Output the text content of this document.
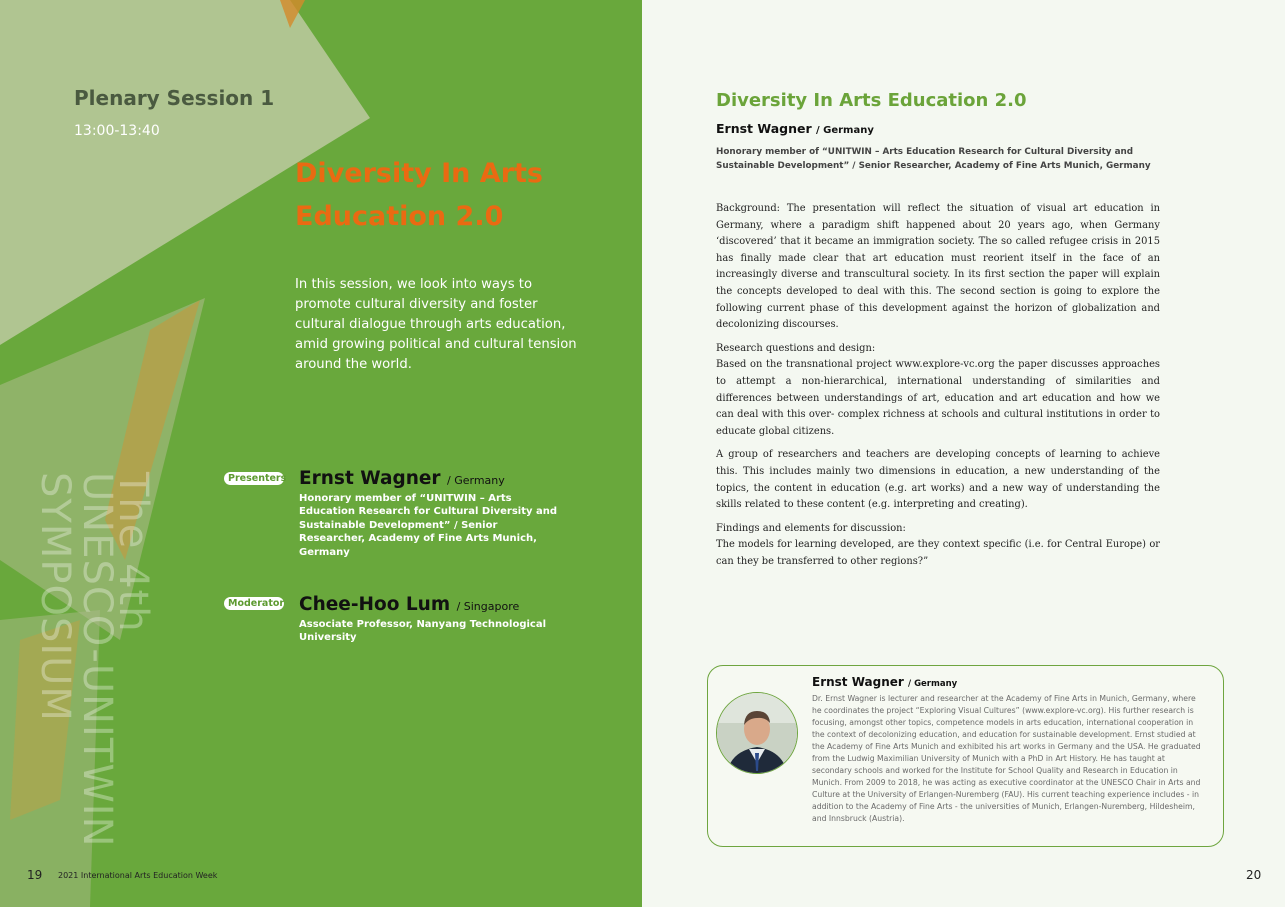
Plenary Session 1
13:00-13:40
Diversity In Arts
Education 2.0
In this session, we look into ways to promote cultural diversity and foster cultural dialogue through arts education, amid growing political and cultural tension around the world.
The 4th
UNESCO-UNITWIN
SYMPOSIUM	Presenters Ernst Wagner / Germany
Honorary member of “UNITWIN – Arts Education Research for Cultural Diversity and Sustainable Development” / Senior Researcher, Academy of Fine Arts Munich, Germany
Moderator Chee-Hoo Lum / Singapore
Associate Professor, Nanyang Technological University
19 2021 International Arts Education Week
Diversity In Arts Education 2.0
Ernst Wagner / Germany
Honorary member of “UNITWIN – Arts Education Research for Cultural Diversity and Sustainable Development” / Senior Researcher, Academy of Fine Arts Munich, Germany

Background: The presentation will reflect the situation of visual art education in Germany, where a paradigm shift happened about 20 years ago, when Germany ‘discovered’ that it became an immigration society. The so called refugee crisis in 2015 has finally made clear that art education must reorient itself in the face of an increasingly diverse and transcultural society. In its first section the paper will explain the concepts developed to deal with this. The second section is going to explore the following current phase of this development against the horizon of globalization and decolonizing discourses.

Research questions and design:

Based on the transnational project www.explore-vc.org the paper discusses approaches to attempt a non-hierarchical, international understanding of similarities and differences between understandings of art, education and art education and how we can deal with this over- complex richness at schools and cultural institutions in order to educate global citizens.

A group of researchers and teachers are developing concepts of learning to achieve this. This includes mainly two dimensions in education, a new understanding of the topics, the content in education (e.g. art works) and a new way of understanding the skills related to these content (e.g. interpreting and creating).

Findings and elements for discussion:

The models for learning developed, are they context specific (i.e. for Central Europe) or can they be transferred to other regions?”

Ernst Wagner / Germany
Dr. Ernst Wagner is lecturer and researcher at the Academy of Fine Arts in Munich, Germany, where he coordinates the project “Exploring Visual Cultures” (www.explore-vc.org). His further research is focusing, amongst other topics, competence models in arts education, international cooperation in the context of decolonizing education, and education for sustainable development. Ernst studied at the Academy of Fine Arts Munich and exhibited his art works in Germany and the USA. He graduated from the Ludwig Maximilian University of Munich with a PhD in Art History. He has taught at secondary schools and worked for the Institute for School Quality and Research in Education in Munich. From 2009 to 2018, he was acting as executive coordinator at the UNESCO Chair in Arts and Culture at the University of Erlangen-Nuremberg (FAU). His current teaching experience includes - in addition to the Academy of Fine Arts - the universities of Munich, Erlangen-Nuremberg, Hildesheim, and Innsbruck (Austria).
20
